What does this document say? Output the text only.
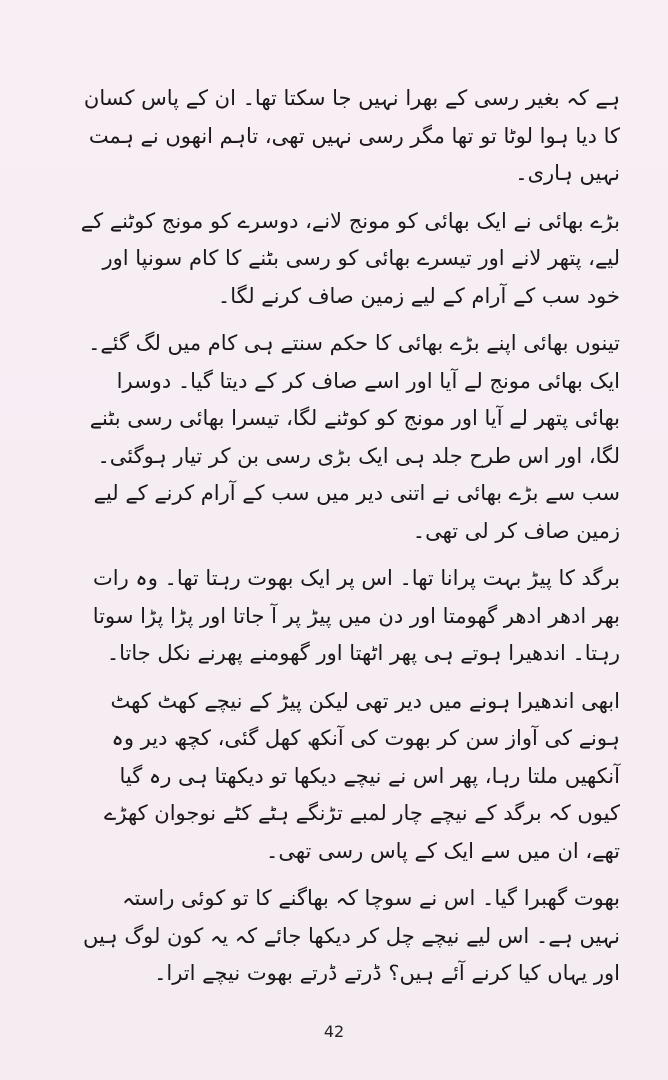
ہے کہ بغیر رسی کے بھرا نہیں جا سکتا تھا۔ ان کے پاس کسان کا دیا ہوا لوٹا تو تھا مگر رسی نہیں تھی، تاہم انھوں نے ہمت نہیں ہاری۔

بڑے بھائی نے ایک بھائی کو مونج لانے، دوسرے کو مونج کوٹنے کے لیے، پتھر لانے اور تیسرے بھائی کو رسی بٹنے کا کام سونپا اور خود سب کے آرام کے لیے زمین صاف کرنے لگا۔

تینوں بھائی اپنے بڑے بھائی کا حکم سنتے ہی کام میں لگ گئے۔ ایک بھائی مونج لے آیا اور اسے صاف کر کے دیتا گیا۔ دوسرا بھائی پتھر لے آیا اور مونج کو کوٹنے لگا، تیسرا بھائی رسی بٹنے لگا، اور اس طرح جلد ہی ایک بڑی رسی بن کر تیار ہوگئی۔ سب سے بڑے بھائی نے اتنی دیر میں سب کے آرام کرنے کے لیے زمین صاف کر لی تھی۔

برگد کا پیڑ بہت پرانا تھا۔ اس پر ایک بھوت رہتا تھا۔ وہ رات بھر ادھر ادھر گھومتا اور دن میں پیڑ پر آ جاتا اور پڑا پڑا سوتا رہتا۔ اندھیرا ہوتے ہی پھر اٹھتا اور گھومنے پھرنے نکل جاتا۔

ابھی اندھیرا ہونے میں دیر تھی لیکن پیڑ کے نیچے کھٹ کھٹ ہونے کی آواز سن کر بھوت کی آنکھ کھل گئی، کچھ دیر وہ آنکھیں ملتا رہا، پھر اس نے نیچے دیکھا تو دیکھتا ہی رہ گیا کیوں کہ برگد کے نیچے چار لمبے تڑنگے ہٹے کٹے نوجوان کھڑے تھے، ان میں سے ایک کے پاس رسی تھی۔

بھوت گھبرا گیا۔ اس نے سوچا کہ بھاگنے کا تو کوئی راستہ نہیں ہے۔ اس لیے نیچے چل کر دیکھا جائے کہ یہ کون لوگ ہیں اور یہاں کیا کرنے آئے ہیں؟ ڈرتے ڈرتے بھوت نیچے اترا۔

42
